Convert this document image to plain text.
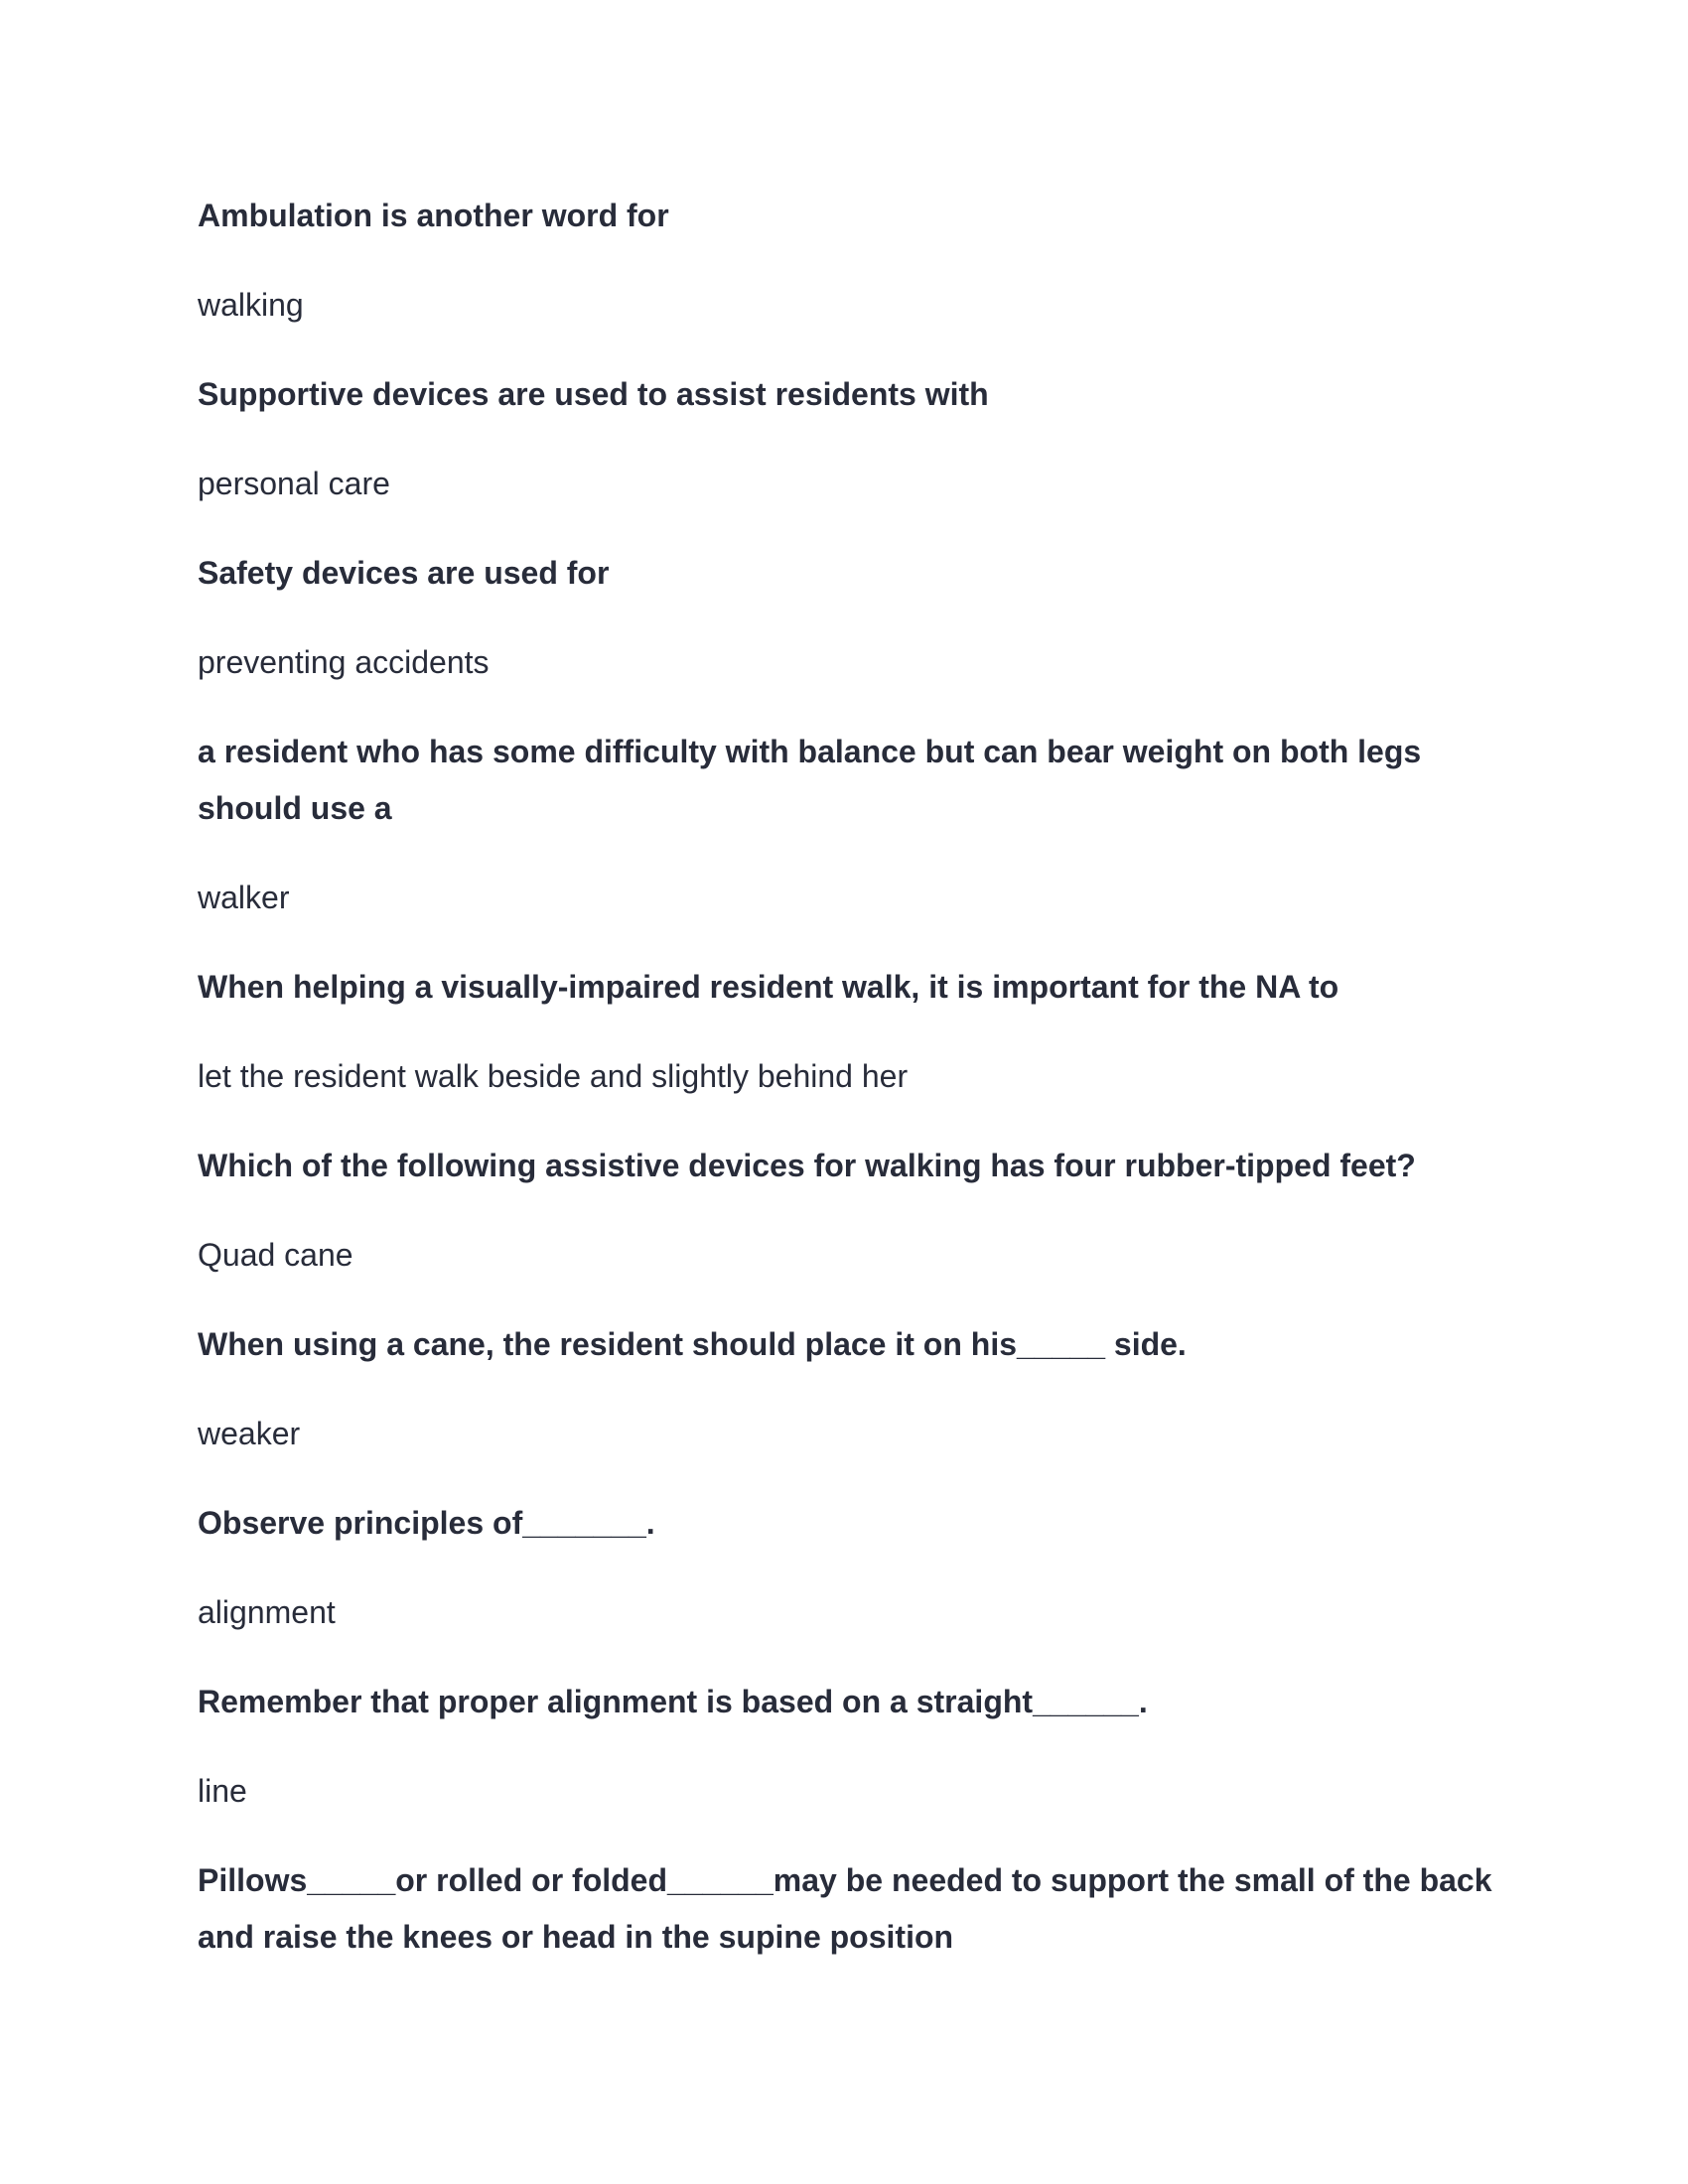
Ambulation is another word for

walking

Supportive devices are used to assist residents with

personal care

Safety devices are used for

preventing accidents

a resident who has some difficulty with balance but can bear weight on both legs should use a

walker

When helping a visually-impaired resident walk, it is important for the NA to

let the resident walk beside and slightly behind her

Which of the following assistive devices for walking has four rubber-tipped feet?

Quad cane

When using a cane, the resident should place it on his_____ side.

weaker

Observe principles of_______.

alignment

Remember that proper alignment is based on a straight______.

line

Pillows_____or rolled or folded______may be needed to support the small of the back and raise the knees or head in the supine position
